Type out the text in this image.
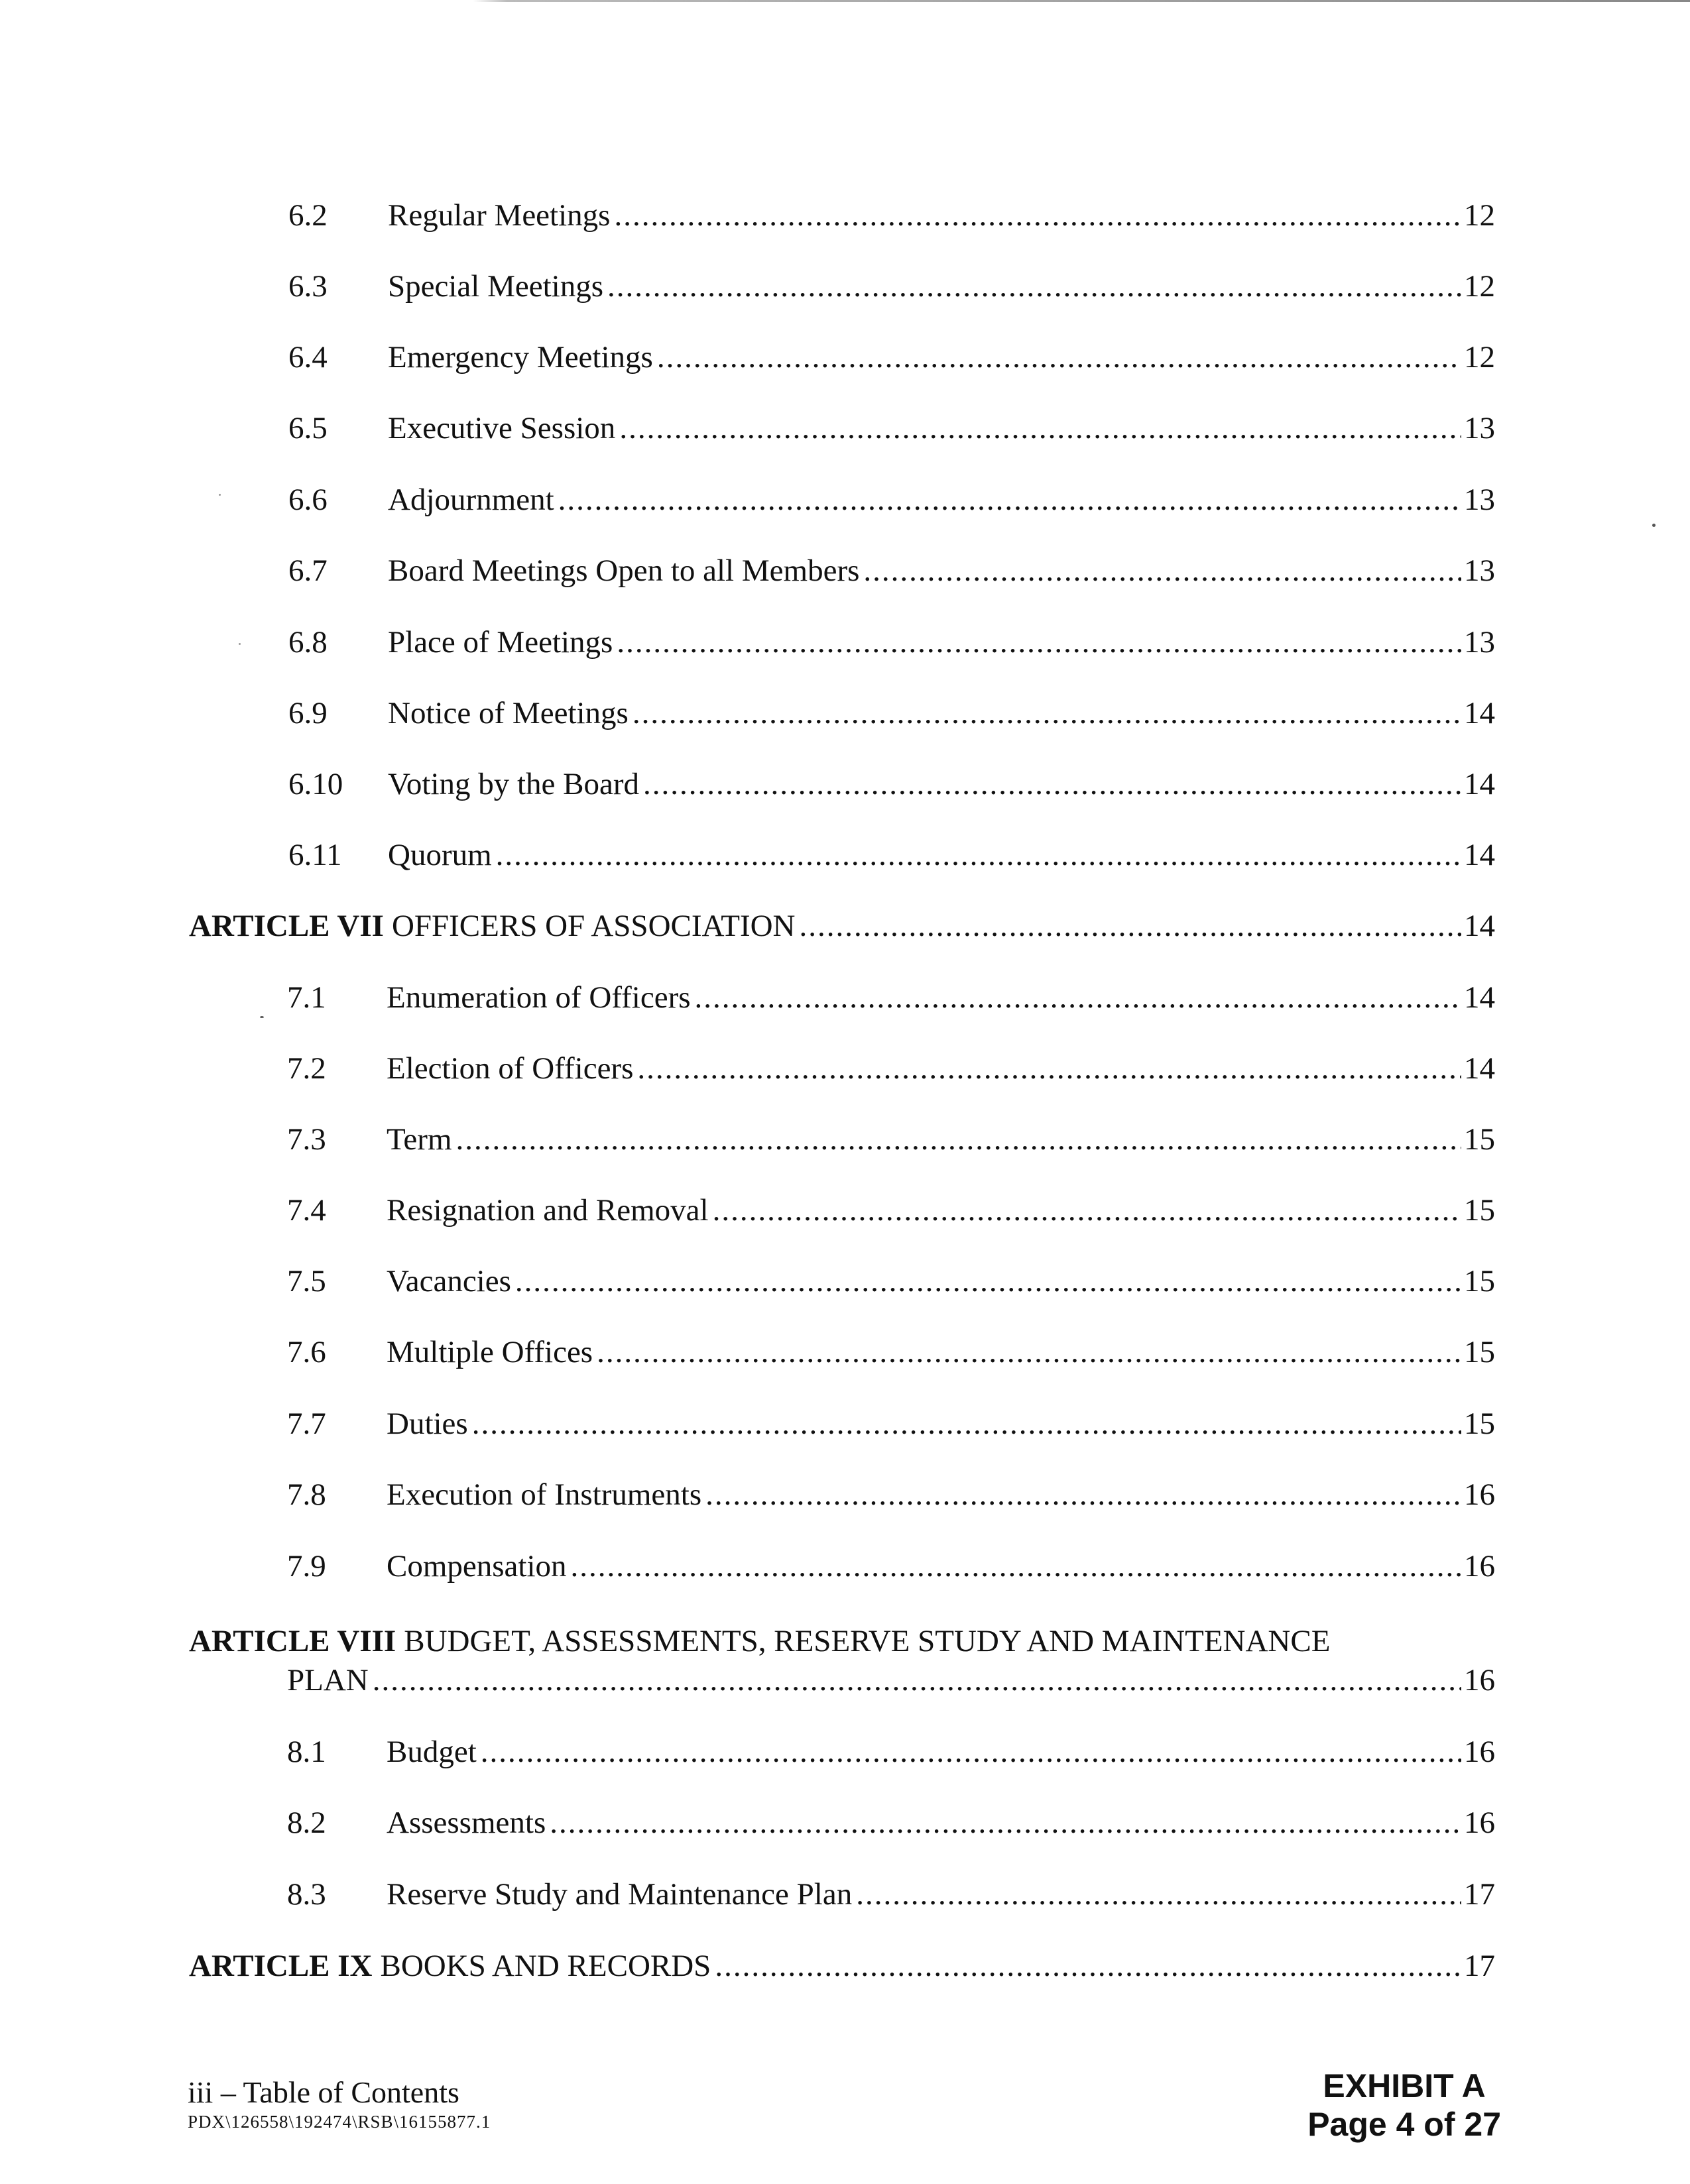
6.2	Regular Meetings .....	12
6.3	Special Meetings .....	12
6.4	Emergency Meetings .....	12
6.5	Executive Session .....	13
6.6	Adjournment .....	13
6.7	Board Meetings Open to all Members .....	13
6.8	Place of Meetings .....	13
6.9	Notice of Meetings .....	14
6.10	Voting by the Board .....	14
6.11	Quorum .....	14
ARTICLE VII OFFICERS OF ASSOCIATION .....	14
7.1	Enumeration of Officers .....	14
7.2	Election of Officers .....	14
7.3	Term .....	15
7.4	Resignation and Removal .....	15
7.5	Vacancies .....	15
7.6	Multiple Offices .....	15
7.7	Duties .....	15
7.8	Execution of Instruments .....	16
7.9	Compensation .....	16
ARTICLE VIII BUDGET, ASSESSMENTS, RESERVE STUDY AND MAINTENANCE
PLAN .....	16
8.1	Budget .....	16
8.2	Assessments .....	16
8.3	Reserve Study and Maintenance Plan .....	17
ARTICLE IX BOOKS AND RECORDS .....	17
iii – Table of Contents
PDX\126558\192474\RSB\16155877.1
EXHIBIT A
Page 4 of 27
